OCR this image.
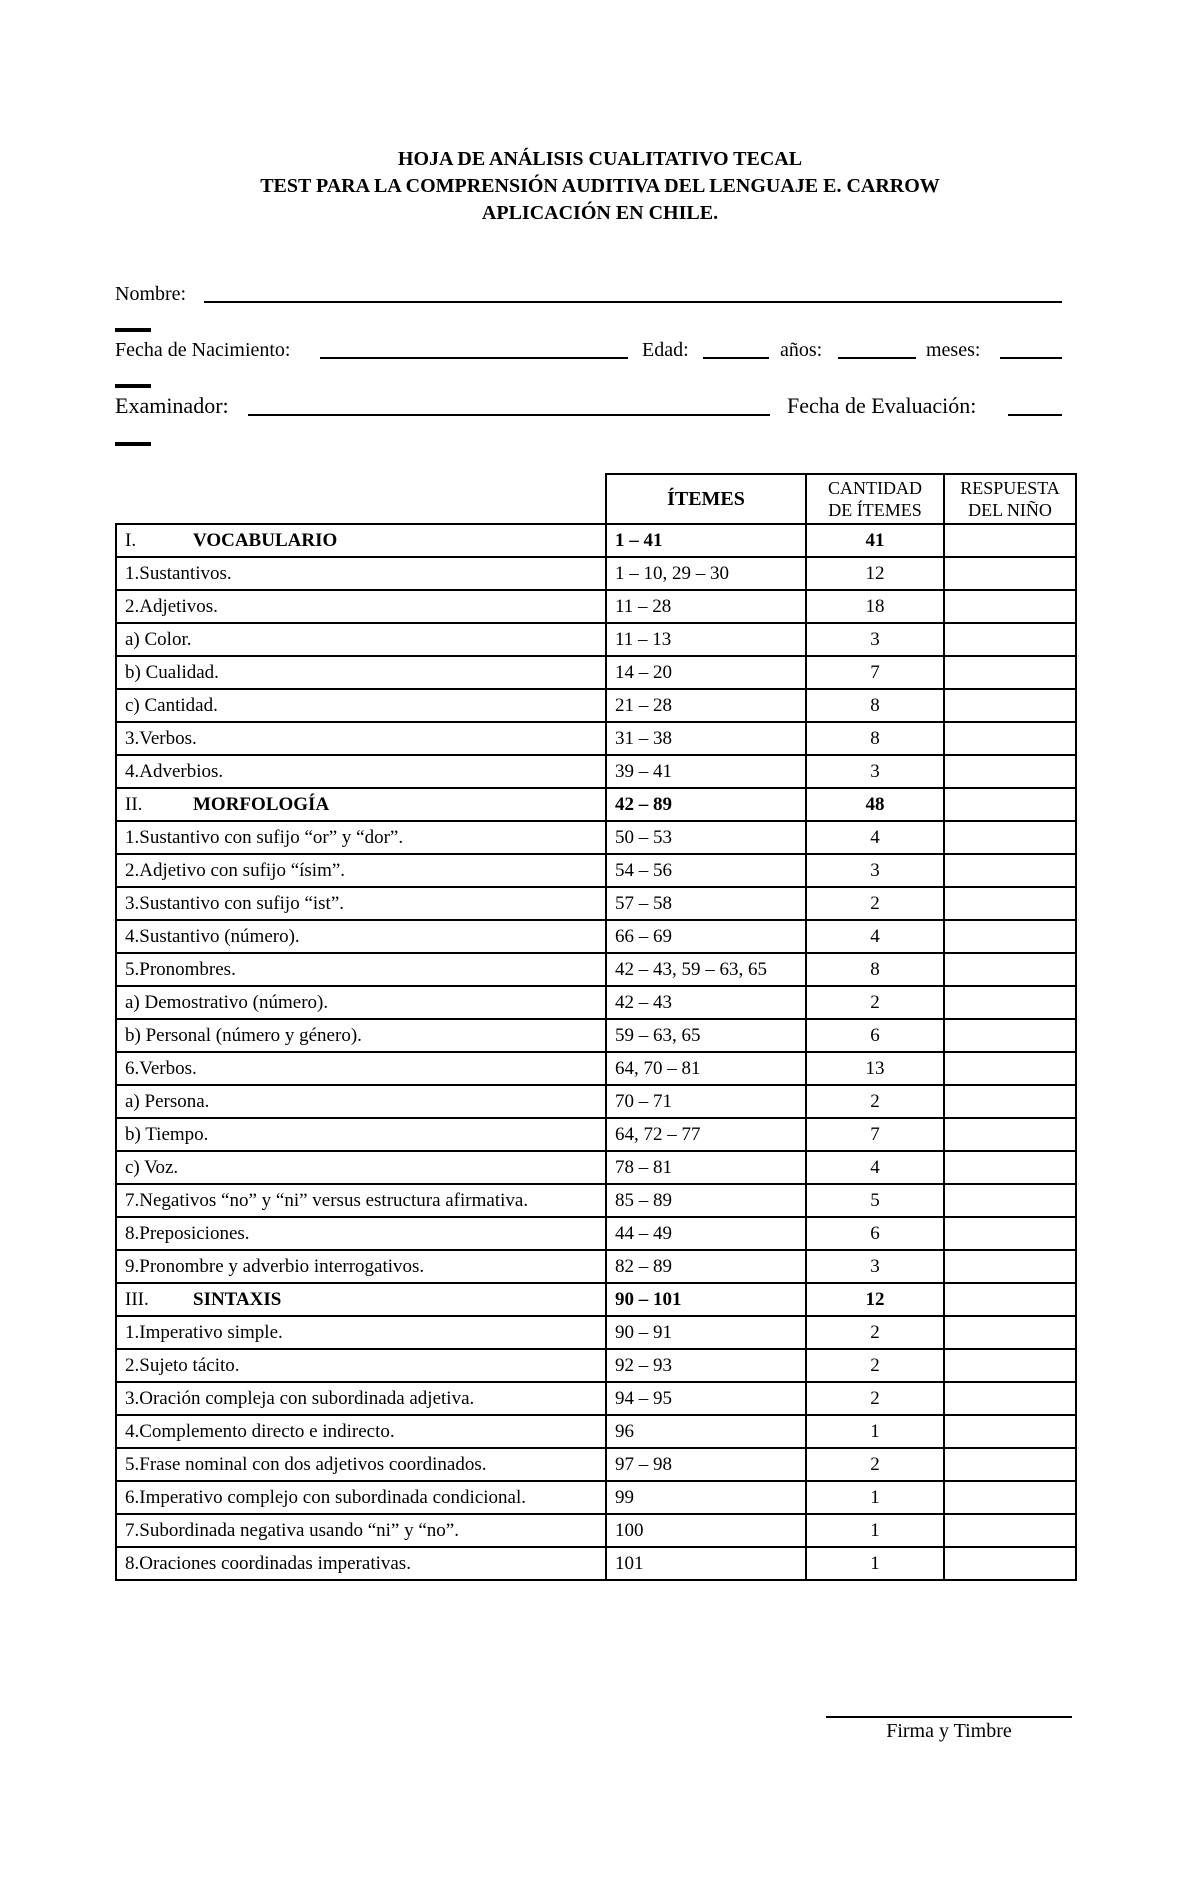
HOJA DE ANÁLISIS CUALITATIVO TECAL
TEST PARA LA COMPRENSIÓN AUDITIVA DEL LENGUAJE E. CARROW
APLICACIÓN EN CHILE.
Nombre:
Fecha de Nacimiento:	Edad:	años:	meses:
Examinador:	Fecha de Evaluación:
	ÍTEMES	CANTIDAD DE ÍTEMES	RESPUESTA DEL NIÑO
I. VOCABULARIO	1 – 41	41	
1.Sustantivos.	1 – 10, 29 – 30	12	
2.Adjetivos.	11 – 28	18	
a) Color.	11 – 13	3	
b) Cualidad.	14 – 20	7	
c) Cantidad.	21 – 28	8	
3.Verbos.	31 – 38	8	
4.Adverbios.	39 – 41	3	
II. MORFOLOGÍA	42 – 89	48	
1.Sustantivo con sufijo “or” y “dor”.	50 – 53	4	
2.Adjetivo con sufijo “ísim”.	54 – 56	3	
3.Sustantivo con sufijo “ist”.	57 – 58	2	
4.Sustantivo (número).	66 – 69	4	
5.Pronombres.	42 – 43, 59 – 63, 65	8	
a) Demostrativo (número).	42 – 43	2	
b) Personal (número y género).	59 – 63, 65	6	
6.Verbos.	64, 70 – 81	13	
a) Persona.	70 – 71	2	
b) Tiempo.	64, 72 – 77	7	
c) Voz.	78 – 81	4	
7.Negativos “no” y “ni” versus estructura afirmativa.	85 – 89	5	
8.Preposiciones.	44 – 49	6	
9.Pronombre y adverbio interrogativos.	82 – 89	3	
III. SINTAXIS	90 – 101	12	
1.Imperativo simple.	90 – 91	2	
2.Sujeto tácito.	92 – 93	2	
3.Oración compleja con subordinada adjetiva.	94 – 95	2	
4.Complemento directo e indirecto.	96	1	
5.Frase nominal con dos adjetivos coordinados.	97 – 98	2	
6.Imperativo complejo con subordinada condicional.	99	1	
7.Subordinada negativa usando “ni” y “no”.	100	1	
8.Oraciones coordinadas imperativas.	101	1	
Firma y Timbre
